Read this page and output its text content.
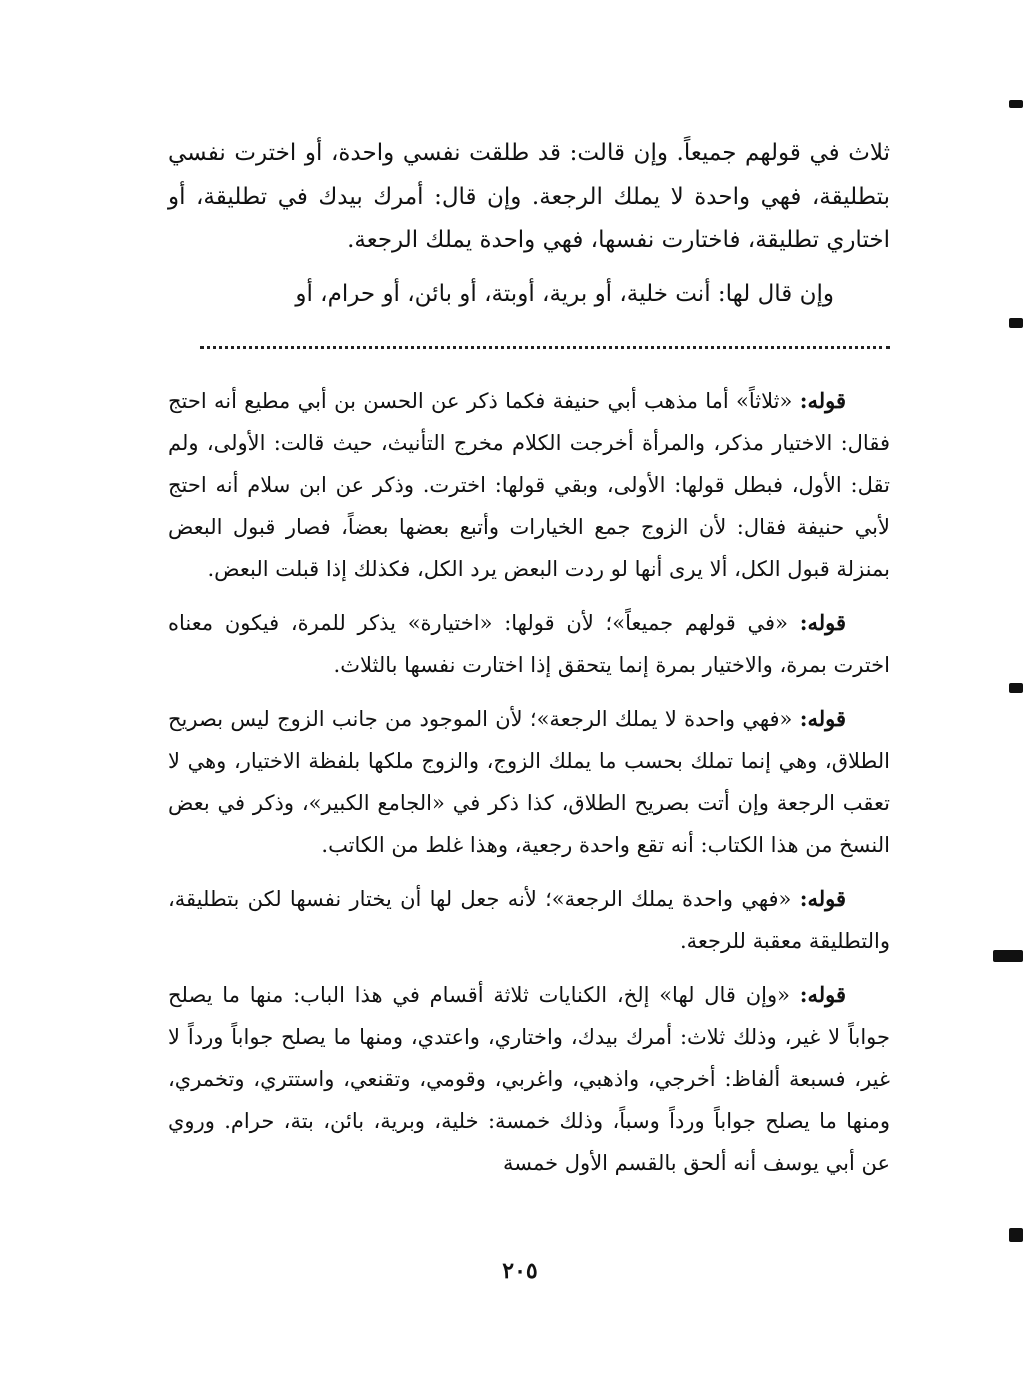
ثلاث في قولهم جميعاً. وإن قالت: قد طلقت نفسي واحدة، أو اخترت نفسي بتطليقة، فهي واحدة لا يملك الرجعة. وإن قال: أمرك بيدك في تطليقة، أو اختاري تطليقة، فاختارت نفسها، فهي واحدة يملك الرجعة.

وإن قال لها: أنت خلية، أو برية، أوبتة، أو بائن، أو حرام، أو

قوله: «ثلاثاً» أما مذهب أبي حنيفة فكما ذكر عن الحسن بن أبي مطيع أنه احتج فقال: الاختيار مذكر، والمرأة أخرجت الكلام مخرج التأنيث، حيث قالت: الأولى، ولم تقل: الأول، فبطل قولها: الأولى، وبقي قولها: اخترت. وذكر عن ابن سلام أنه احتج لأبي حنيفة فقال: لأن الزوج جمع الخيارات وأتبع بعضها بعضاً، فصار قبول البعض بمنزلة قبول الكل، ألا يرى أنها لو ردت البعض يرد الكل، فكذلك إذا قبلت البعض.

قوله: «في قولهم جميعاً»؛ لأن قولها: «اختيارة» يذكر للمرة، فيكون معناه اخترت بمرة، والاختيار بمرة إنما يتحقق إذا اختارت نفسها بالثلاث.

قوله: «فهي واحدة لا يملك الرجعة»؛ لأن الموجود من جانب الزوج ليس بصريح الطلاق، وهي إنما تملك بحسب ما يملك الزوج، والزوج ملكها بلفظة الاختيار، وهي لا تعقب الرجعة وإن أتت بصريح الطلاق، كذا ذكر في «الجامع الكبير»، وذكر في بعض النسخ من هذا الكتاب: أنه تقع واحدة رجعية، وهذا غلط من الكاتب.

قوله: «فهي واحدة يملك الرجعة»؛ لأنه جعل لها أن يختار نفسها لكن بتطليقة، والتطليقة معقبة للرجعة.

قوله: «وإن قال لها» إلخ، الكنايات ثلاثة أقسام في هذا الباب: منها ما يصلح جواباً لا غير، وذلك ثلاث: أمرك بيدك، واختاري، واعتدي، ومنها ما يصلح جواباً ورداً لا غير، فسبعة ألفاظ: أخرجي، واذهبي، واغربي، وقومي، وتقنعي، واستتري، وتخمري، ومنها ما يصلح جواباً ورداً وسباً، وذلك خمسة: خلية، وبرية، بائن، بتة، حرام. وروي عن أبي يوسف أنه ألحق بالقسم الأول خمسة

٢٠٥
